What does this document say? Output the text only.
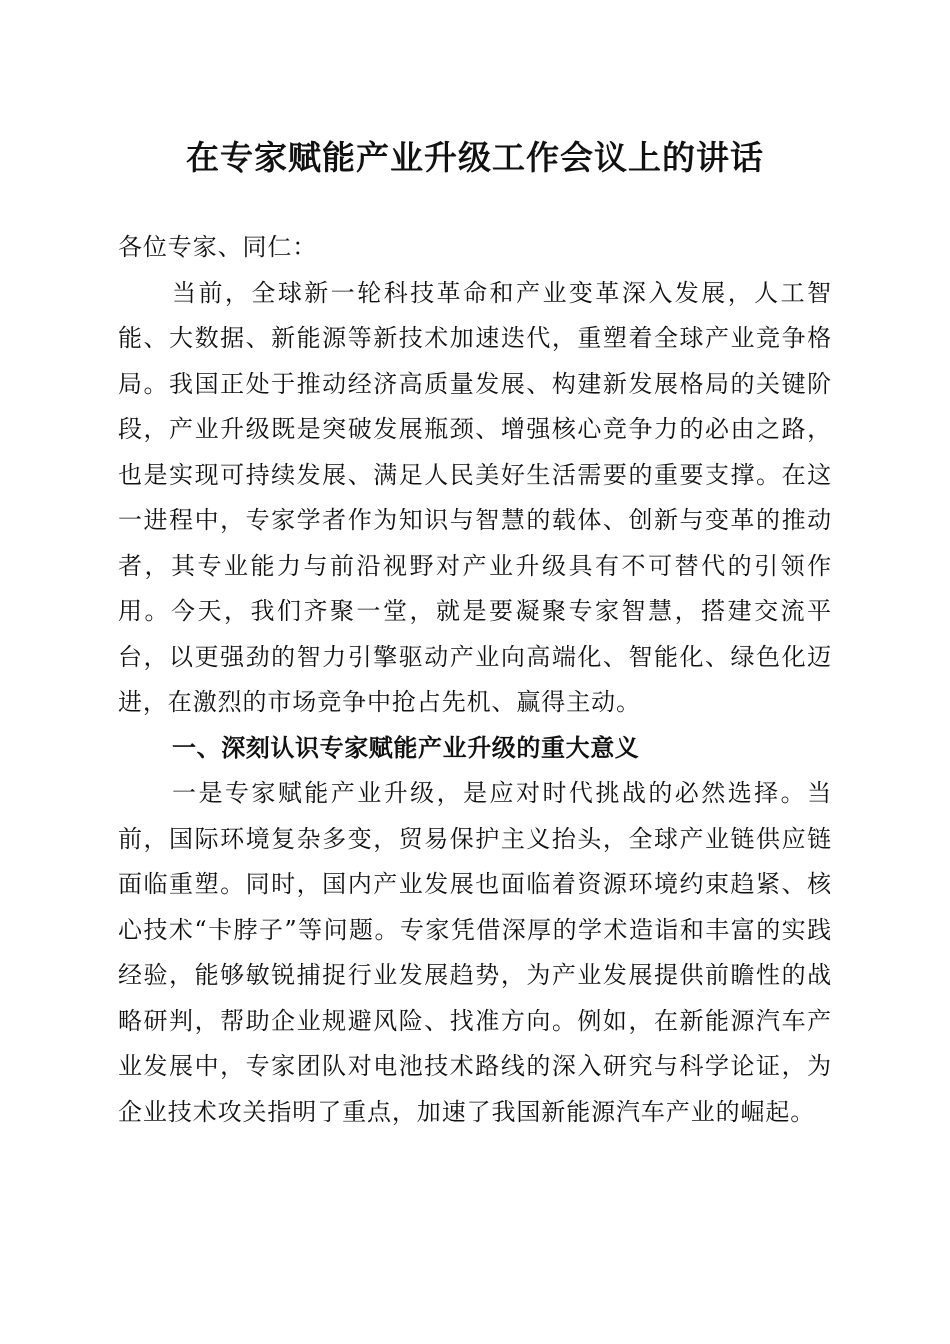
在专家赋能产业升级工作会议上的讲话

各位专家、同仁：

当前，全球新一轮科技革命和产业变革深入发展，人工智能、大数据、新能源等新技术加速迭代，重塑着全球产业竞争格局。我国正处于推动经济高质量发展、构建新发展格局的关键阶段，产业升级既是突破发展瓶颈、增强核心竞争力的必由之路，也是实现可持续发展、满足人民美好生活需要的重要支撑。在这一进程中，专家学者作为知识与智慧的载体、创新与变革的推动者，其专业能力与前沿视野对产业升级具有不可替代的引领作用。今天，我们齐聚一堂，就是要凝聚专家智慧，搭建交流平台，以更强劲的智力引擎驱动产业向高端化、智能化、绿色化迈进，在激烈的市场竞争中抢占先机、赢得主动。

一、深刻认识专家赋能产业升级的重大意义

一是专家赋能产业升级，是应对时代挑战的必然选择。当前，国际环境复杂多变，贸易保护主义抬头，全球产业链供应链面临重塑。同时，国内产业发展也面临着资源环境约束趋紧、核心技术“卡脖子”等问题。专家凭借深厚的学术造诣和丰富的实践经验，能够敏锐捕捉行业发展趋势，为产业发展提供前瞻性的战略研判，帮助企业规避风险、找准方向。例如，在新能源汽车产业发展中，专家团队对电池技术路线的深入研究与科学论证，为企业技术攻关指明了重点，加速了我国新能源汽车产业的崛起。
